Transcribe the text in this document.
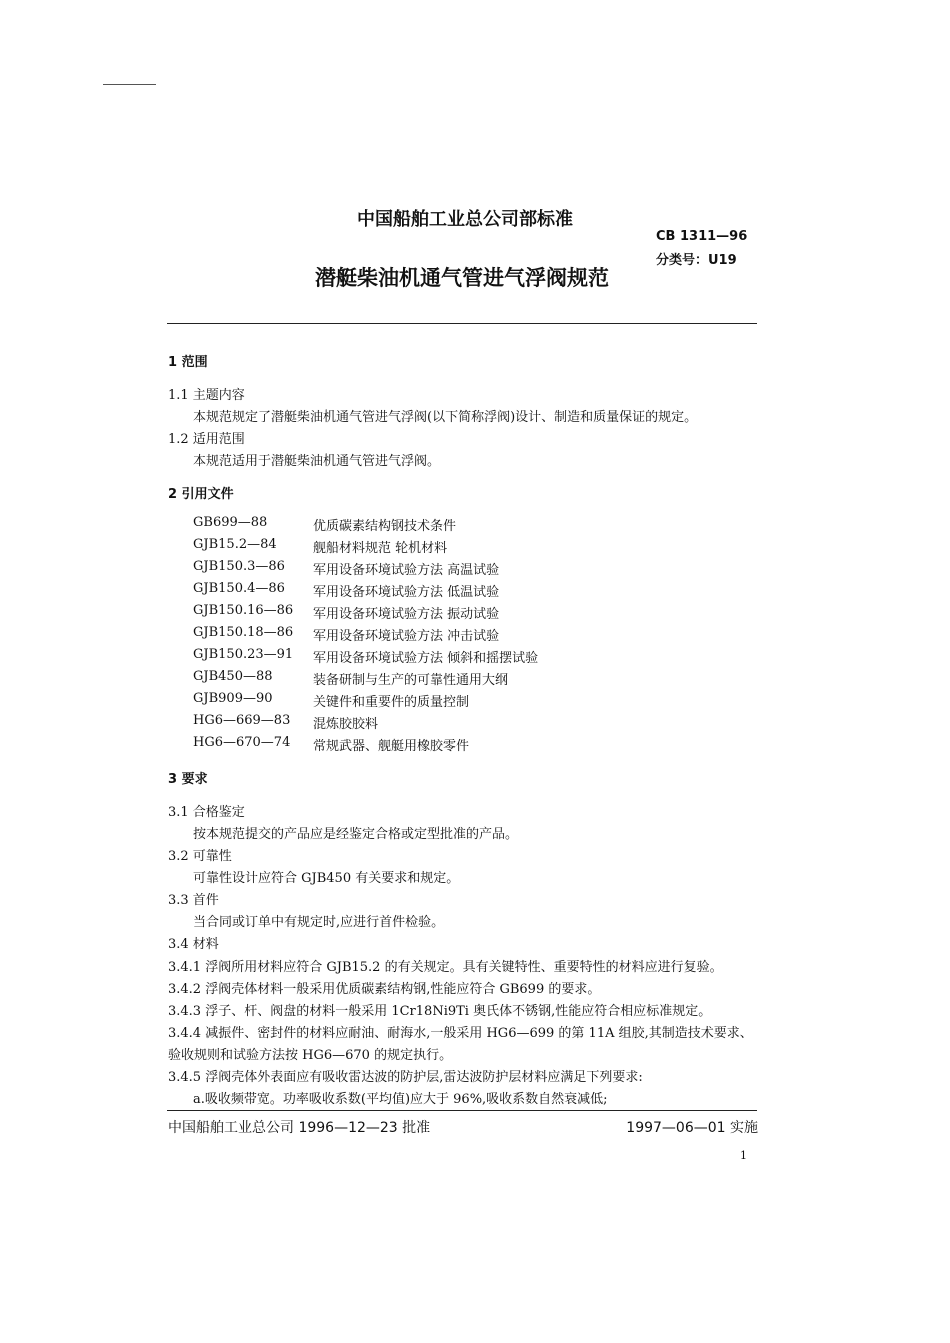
中国船舶工业总公司部标准
CB 1311—96
分类号：U19
潜艇柴油机通气管进气浮阀规范
1 范围
1.1 主题内容
本规范规定了潜艇柴油机通气管进气浮阀(以下简称浮阀)设计、制造和质量保证的规定。
1.2 适用范围
本规范适用于潜艇柴油机通气管进气浮阀。
2 引用文件
GB699—88	优质碳素结构钢技术条件
GJB15.2—84	舰船材料规范 轮机材料
GJB150.3—86 军用设备环境试验方法 高温试验
GJB150.4—86 军用设备环境试验方法 低温试验
GJB150.16—86 军用设备环境试验方法 振动试验
GJB150.18—86 军用设备环境试验方法 冲击试验
GJB150.23—91 军用设备环境试验方法 倾斜和摇摆试验
GJB450—88	装备研制与生产的可靠性通用大纲
GJB909—90	关键件和重要件的质量控制
HG6—669—83 混炼胶胶料
HG6—670—74 常规武器、舰艇用橡胶零件
3 要求
3.1 合格鉴定
按本规范提交的产品应是经鉴定合格或定型批准的产品。
3.2 可靠性
可靠性设计应符合 GJB450 有关要求和规定。
3.3 首件
当合同或订单中有规定时,应进行首件检验。
3.4 材料
3.4.1 浮阀所用材料应符合 GJB15.2 的有关规定。具有关键特性、重要特性的材料应进行复验。
3.4.2 浮阀壳体材料一般采用优质碳素结构钢,性能应符合 GB699 的要求。
3.4.3 浮子、杆、阀盘的材料一般采用 1Cr18Ni9Ti 奥氏体不锈钢,性能应符合相应标准规定。
3.4.4 减振件、密封件的材料应耐油、耐海水,一般采用 HG6—699 的第 11A 组胶,其制造技术要求、
验收规则和试验方法按 HG6—670 的规定执行。
3.4.5 浮阀壳体外表面应有吸收雷达波的防护层,雷达波防护层材料应满足下列要求:
a.吸收频带宽。功率吸收系数(平均值)应大于 96%,吸收系数自然衰减低;
中国船舶工业总公司 1996—12—23 批准	1997—06—01 实施
1
